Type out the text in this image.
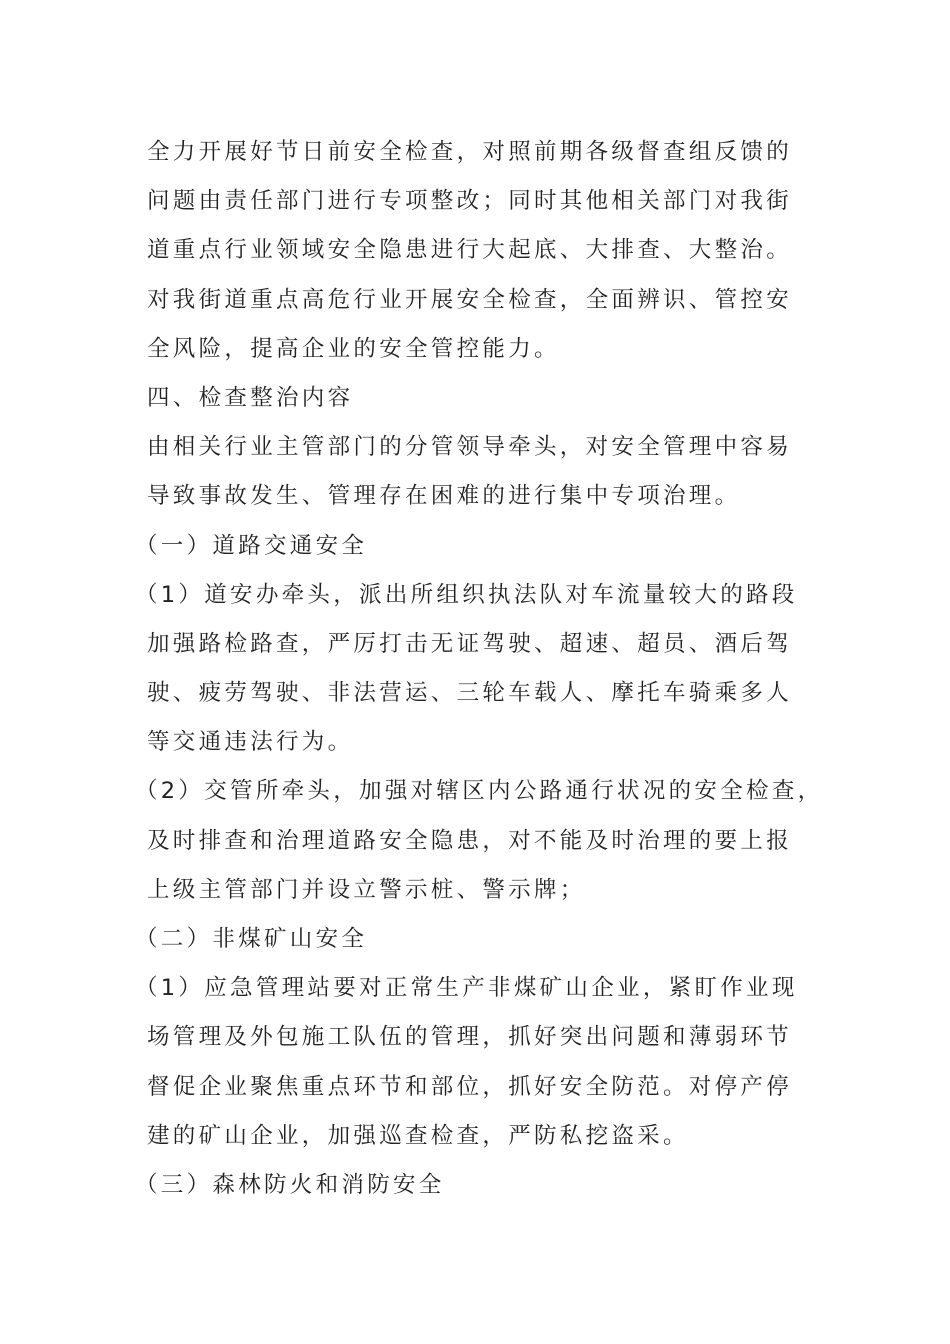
全力开展好节日前安全检查，对照前期各级督查组反馈的
问题由责任部门进行专项整改；同时其他相关部门对我街
道重点行业领域安全隐患进行大起底、大排查、大整治。
对我街道重点高危行业开展安全检查，全面辨识、管控安
全风险，提高企业的安全管控能力。
四、检查整治内容
由相关行业主管部门的分管领导牵头，对安全管理中容易
导致事故发生、管理存在困难的进行集中专项治理。
（一）道路交通安全
（1）道安办牵头，派出所组织执法队对车流量较大的路段
加强路检路查，严厉打击无证驾驶、超速、超员、酒后驾
驶、疲劳驾驶、非法营运、三轮车载人、摩托车骑乘多人
等交通违法行为。
（2）交管所牵头，加强对辖区内公路通行状况的安全检查，
及时排查和治理道路安全隐患，对不能及时治理的要上报
上级主管部门并设立警示桩、警示牌；
（二）非煤矿山安全
（1）应急管理站要对正常生产非煤矿山企业，紧盯作业现
场管理及外包施工队伍的管理，抓好突出问题和薄弱环节
督促企业聚焦重点环节和部位，抓好安全防范。对停产停
建的矿山企业，加强巡查检查，严防私挖盗采。
（三）森林防火和消防安全
